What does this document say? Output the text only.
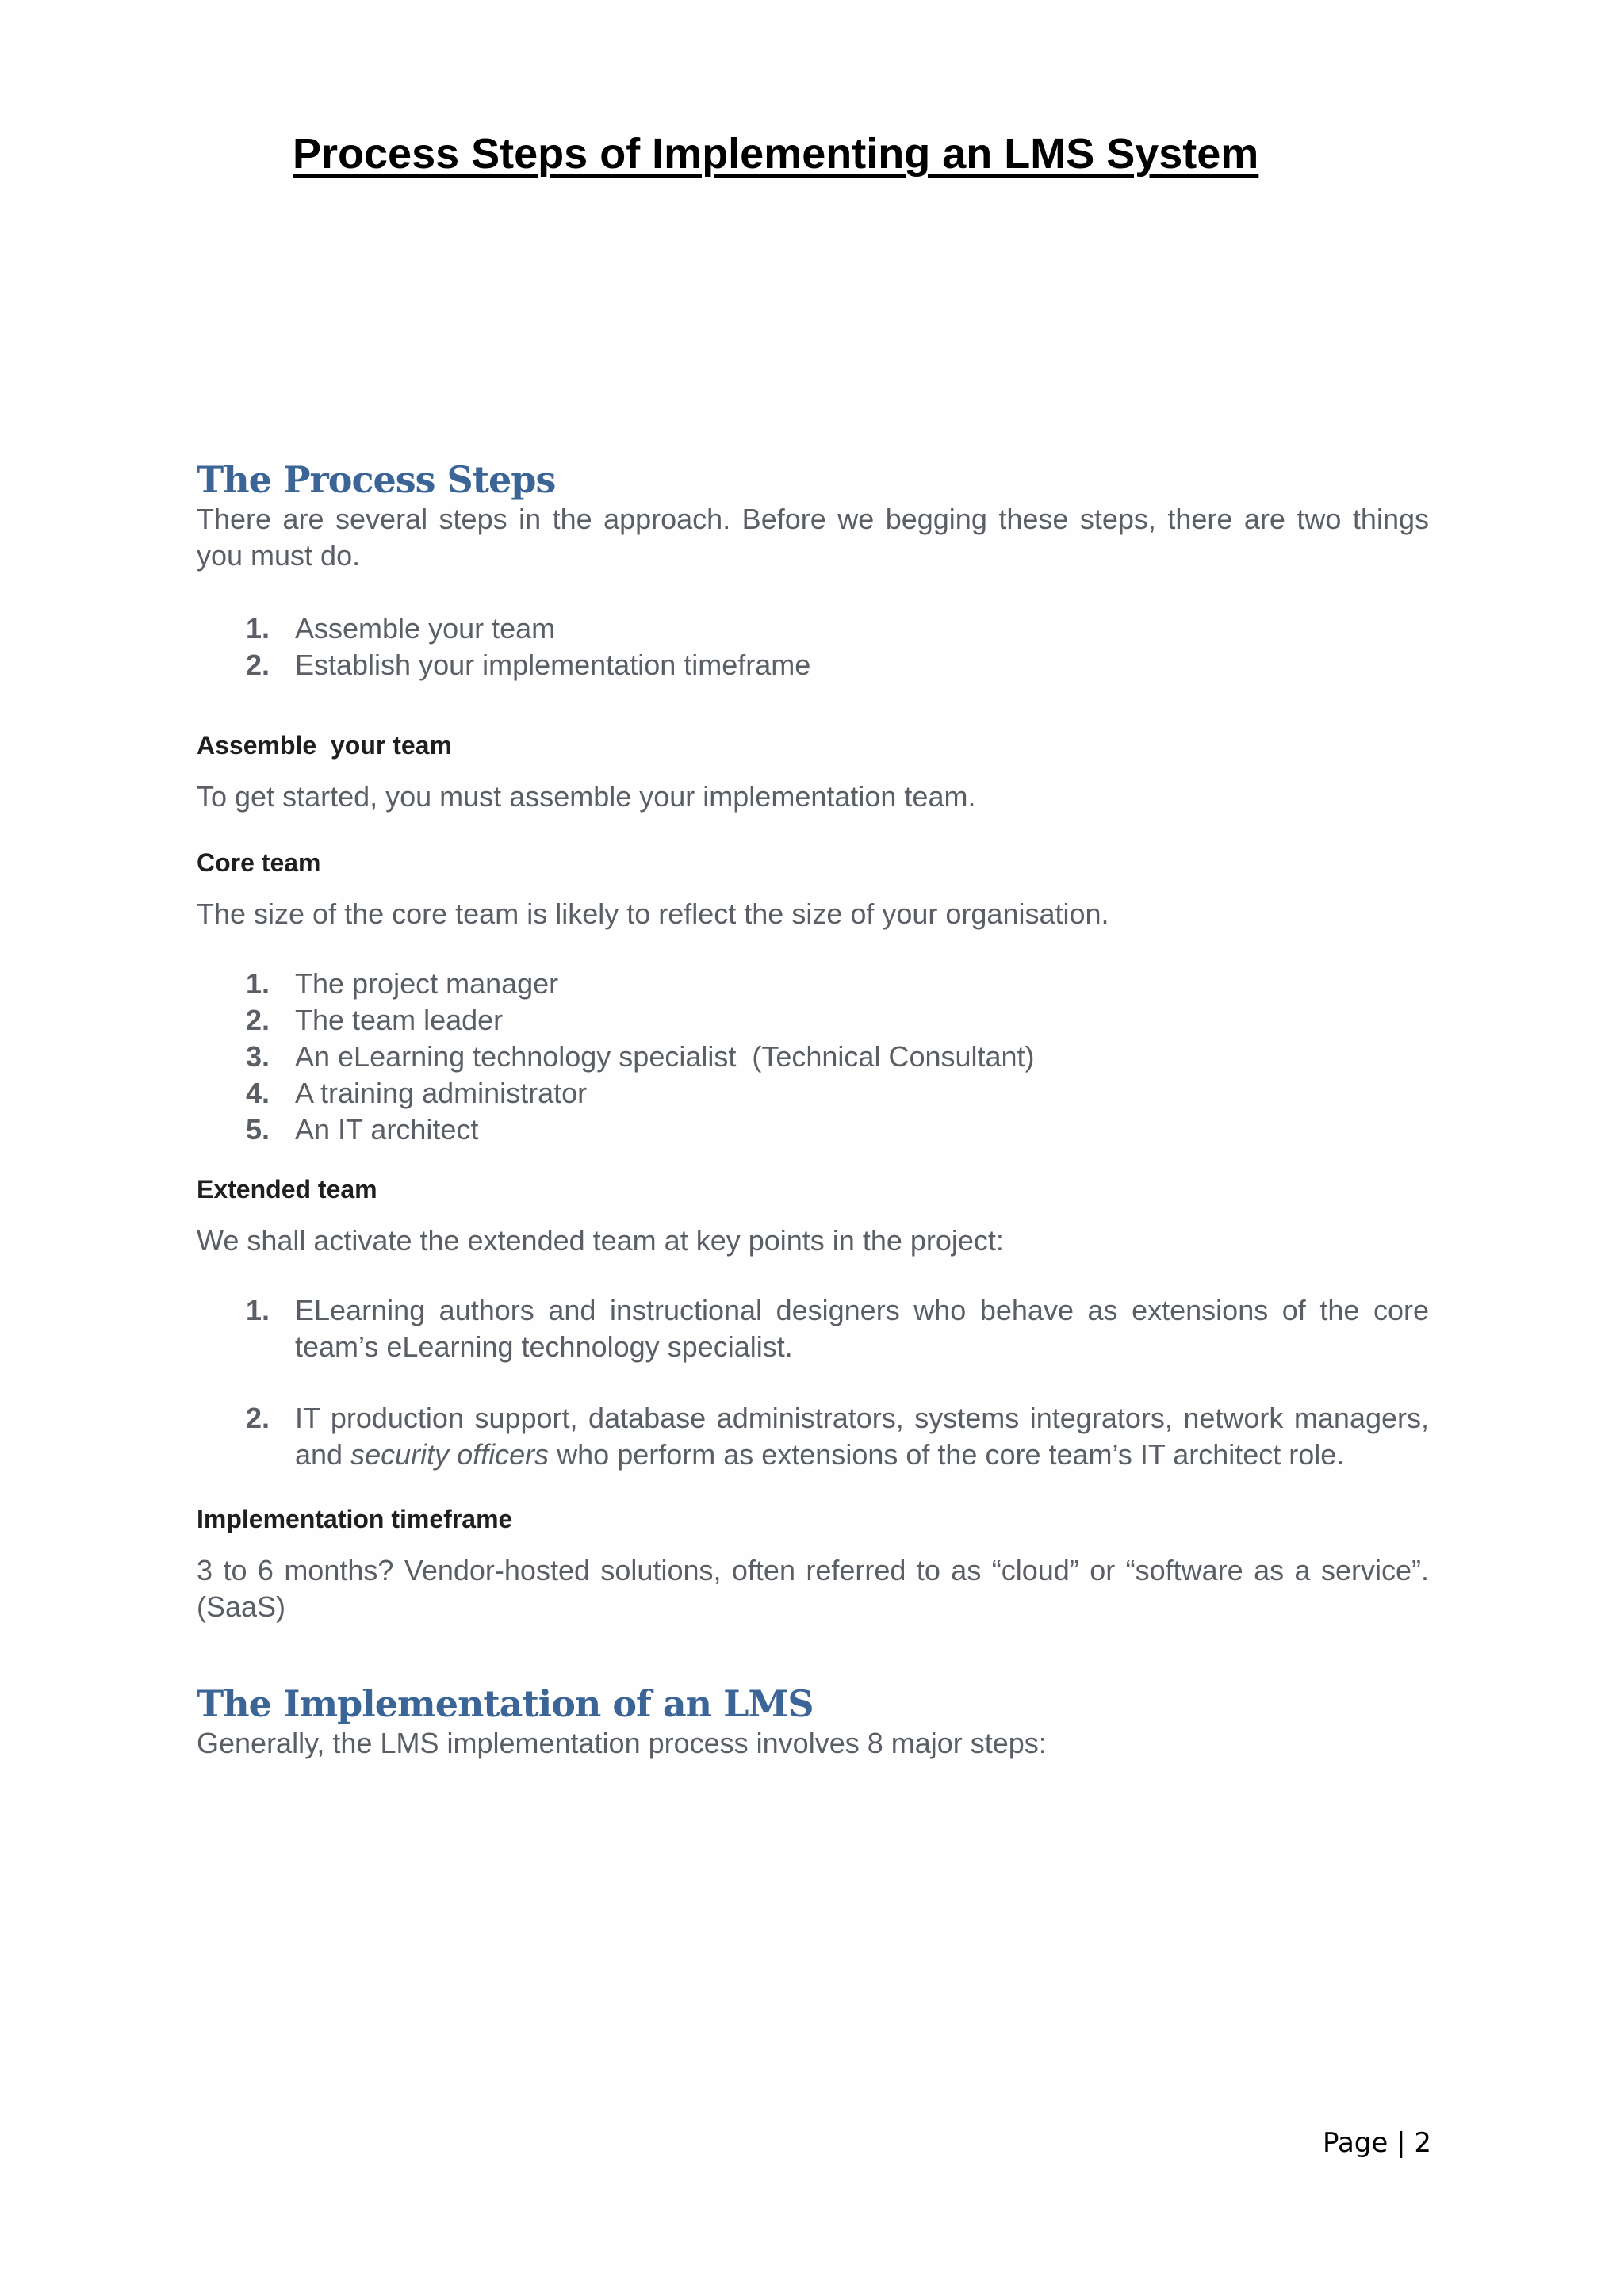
Process Steps of Implementing an LMS System
The Process Steps

There are several steps in the approach. Before we begging these steps, there are two things you must do.

1. Assemble your team
2. Establish your implementation timeframe
Assemble  your team

To get started, you must assemble your implementation team.

Core team

The size of the core team is likely to reflect the size of your organisation.

1. The project manager
2. The team leader
3. An eLearning technology specialist  (Technical Consultant)
4. A training administrator
5. An IT architect
Extended team

We shall activate the extended team at key points in the project:

1. ELearning authors and instructional designers who behave as extensions of the core team’s eLearning technology specialist.
2. IT production support, database administrators, systems integrators, network managers, and security officers who perform as extensions of the core team’s IT architect role.
Implementation timeframe

3 to 6 months? Vendor-hosted solutions, often referred to as “cloud” or “software as a service”.(SaaS)

The Implementation of an LMS

Generally, the LMS implementation process involves 8 major steps:

Page | 2
